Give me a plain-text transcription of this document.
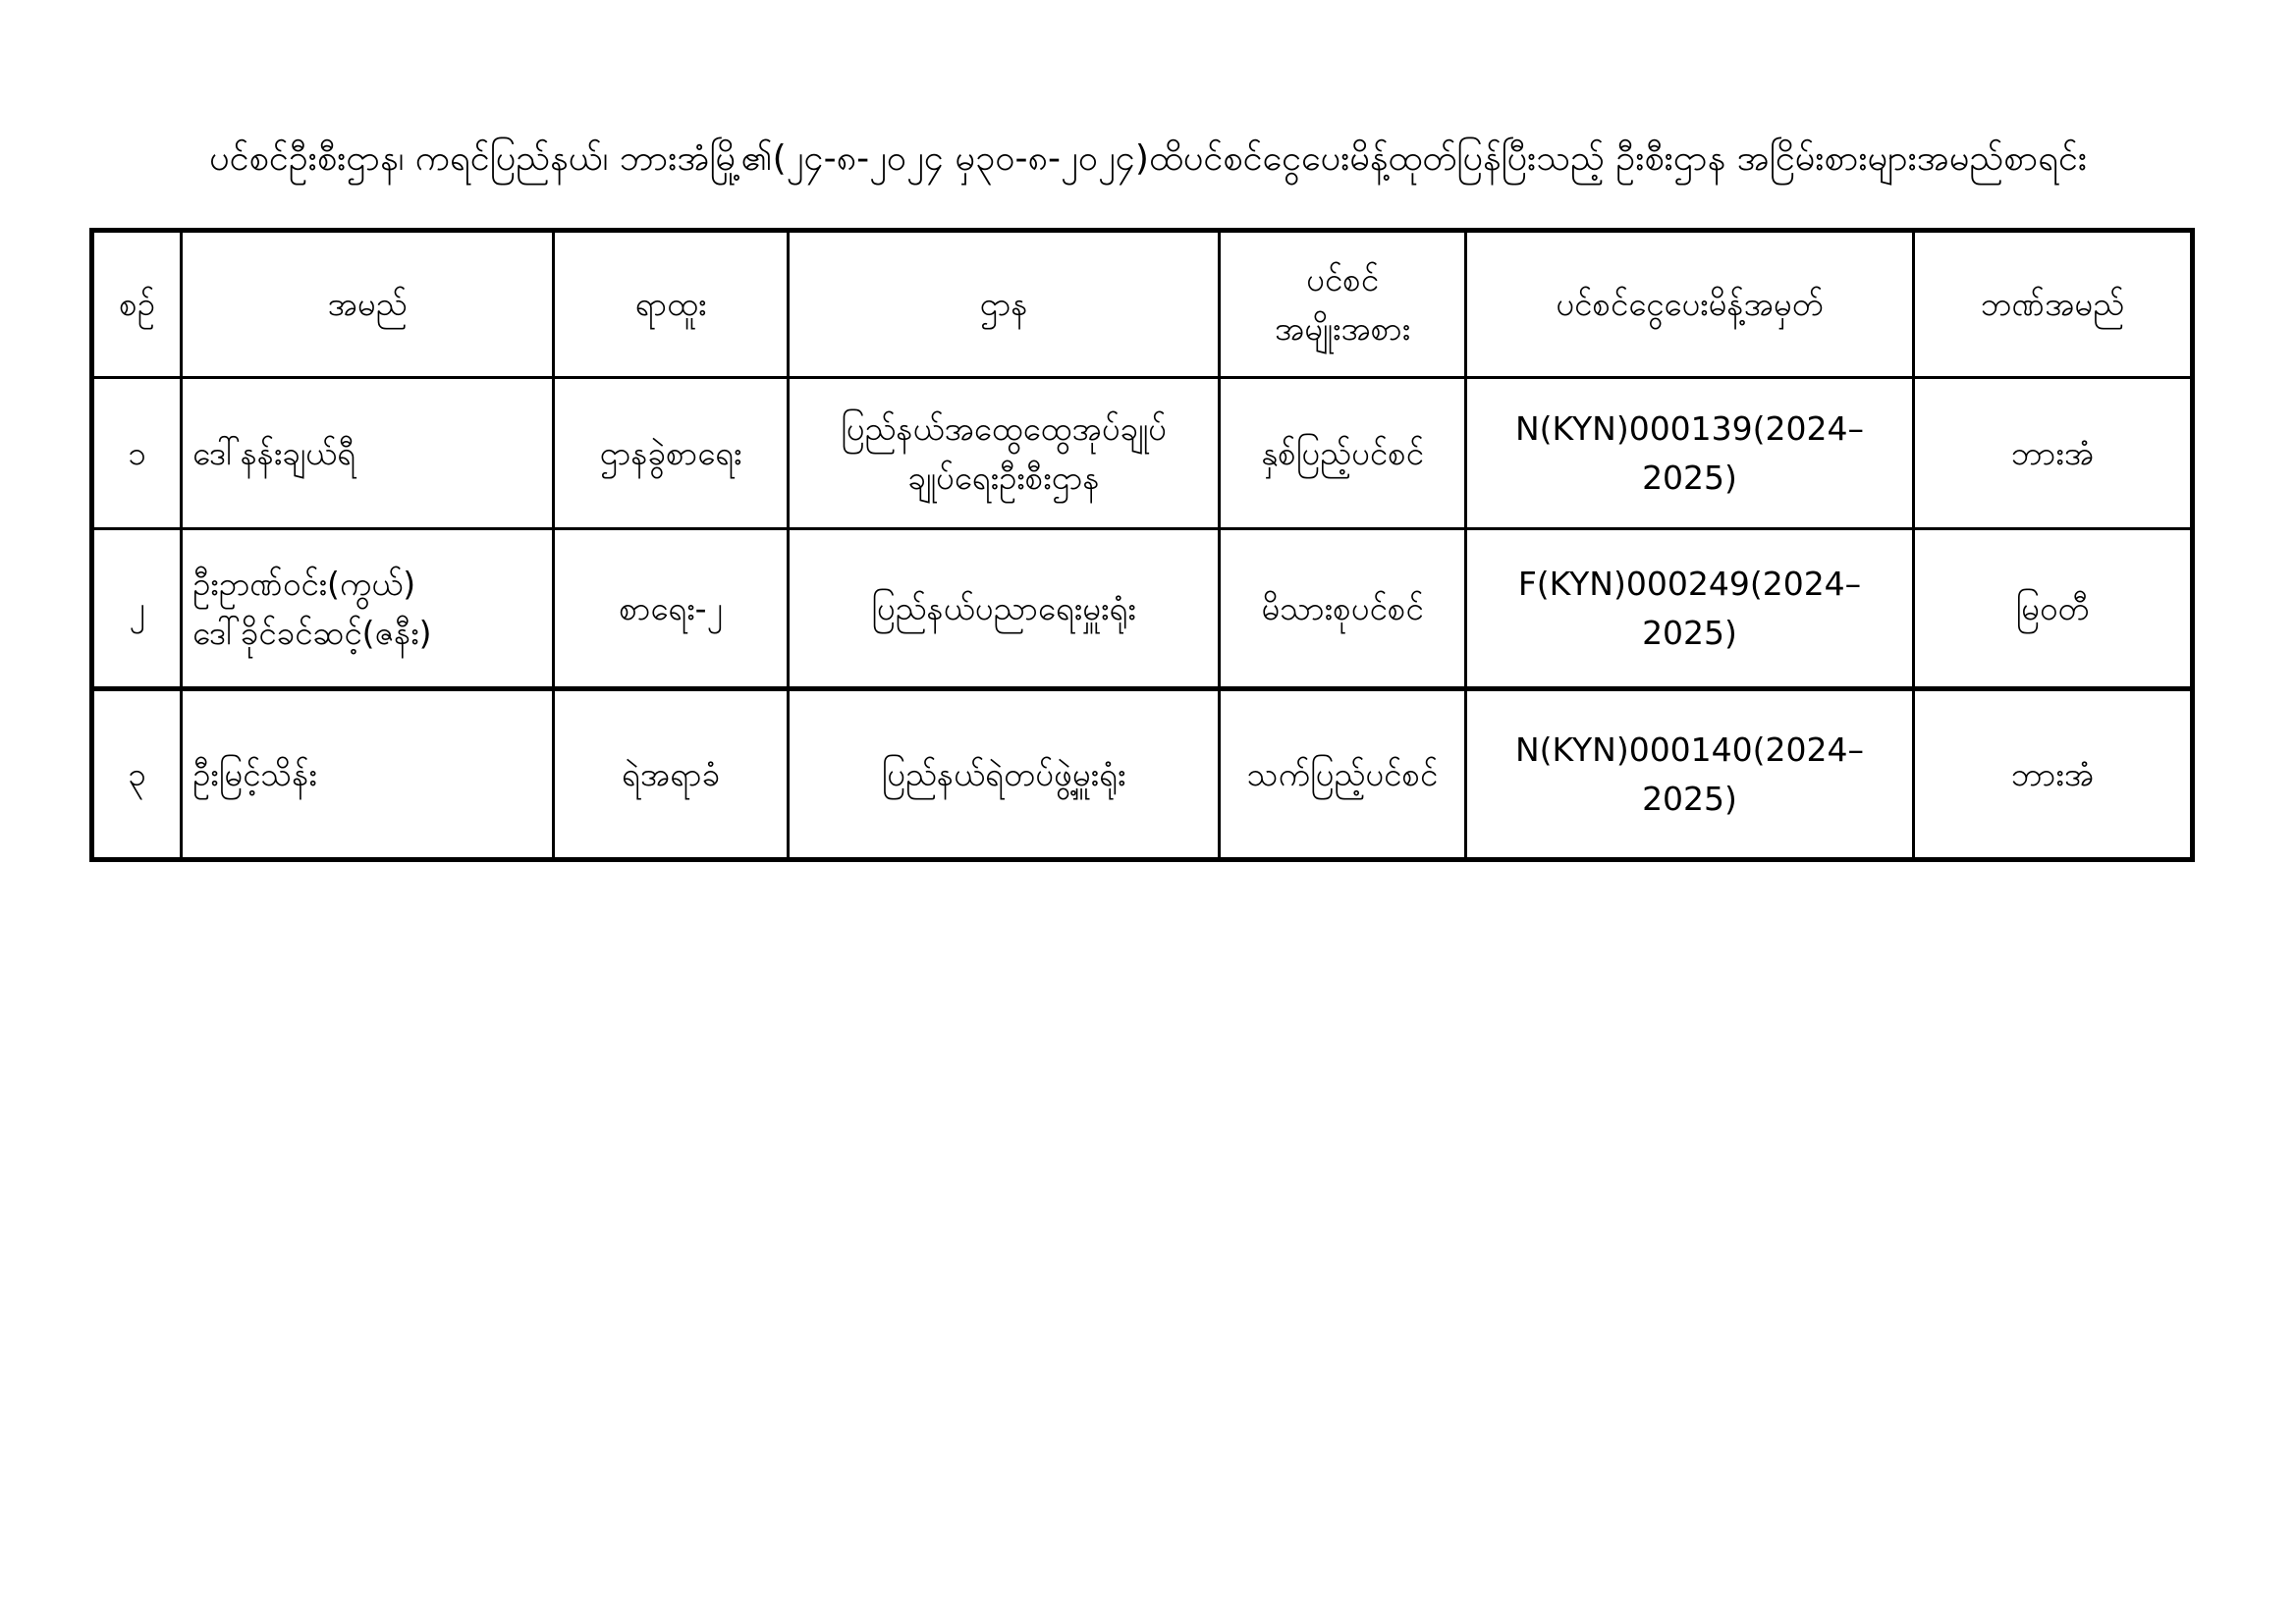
ပင်စင်ဦးစီးဌာန၊ ကရင်ပြည်နယ်၊ ဘားအံမြို့၏(၂၄-၈-၂၀၂၄ မှ၃၀-၈-၂၀၂၄)ထိပင်စင်ငွေပေးမိန့်ထုတ်ပြန်ပြီးသည့် ဦးစီးဌာန အငြိမ်းစားများအမည်စာရင်း
စဉ်	အမည်	ရာထူး	ဌာန	ပင်စင်
အမျိုးအစား	ပင်စင်ငွေပေးမိန့်အမှတ်	ဘဏ်အမည်
၁	ဒေါ်နန်းချယ်ရီ	ဌာနခွဲစာရေး	ပြည်နယ်အထွေထွေအုပ်ချုပ်
ချုပ်ရေးဦးစီးဌာန	နှစ်ပြည့်ပင်စင်	N(KYN)000139(2024–2025)	ဘားအံ
၂	ဦးဥာဏ်ဝင်း(ကွယ်)
ဒေါ်ခိုင်ခင်ဆင့်(ဇနီး)	စာရေး-၂	ပြည်နယ်ပညာရေးမှူးရုံး	မိသားစုပင်စင်	F(KYN)000249(2024–2025)	မြဝတီ
၃	ဦးမြင့်သိန်း	ရဲအရာခံ	ပြည်နယ်ရဲတပ်ဖွဲ့မှူးရုံး	သက်ပြည့်ပင်စင်	N(KYN)000140(2024–2025)	ဘားအံ
